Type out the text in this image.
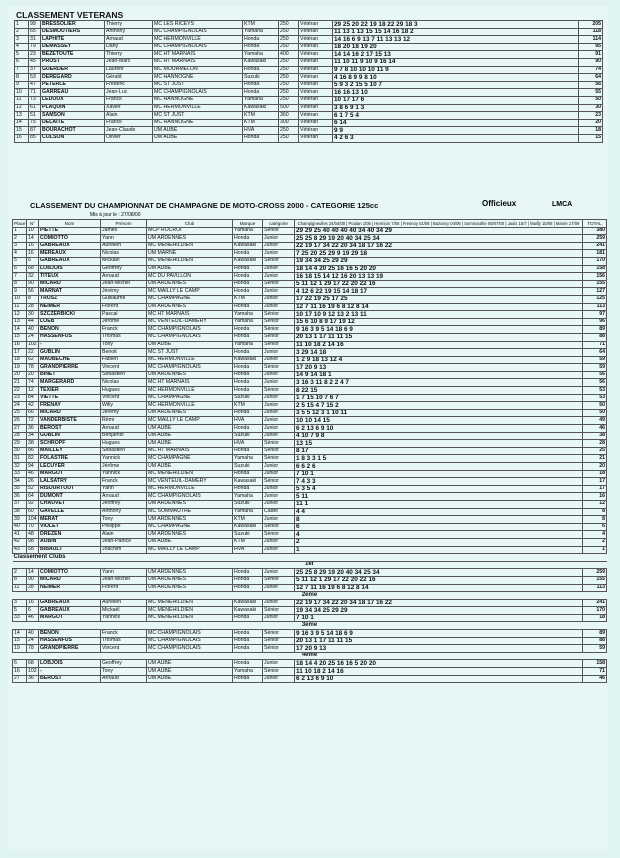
CLASSEMENT VETERANS
1	99	BRESSOLIER	Thierry	MC LES RICEYS	KTM	250	Vétéran	29 25 20 22 19 18 22 29 18 3	205
2	65	DESMOUTIERS	Anthony	MC CHAMPIGNOLAIS	Yamaha	250	Vétéran	11 13 1 13 15 15 14 16 18 2	118
3	31	LAPHITE	Arnaud	MC HERMONVILLE	Honda	250	Vétéran	14 16 6 9 13 7 11 13 13 12	114
4	79	DEMASSEY	Dany	MC CHAMPIGNOLAIS	Honda	250	Vétéran	18 20 18 19 20	95
5	23	BEZETOUTE	Thierry	MC HT MARNAIS	Yamaha	400	Vétéran	14 14 16 2 17 15 13	91
6	45	PROST	Jean-Marc	MC HT MARNAIS	Kawasaki	250	Vétéran	11 10 11 9 10 9 16 14	90
7	37	GUERDER	Laurent	MC MOURMELON	Honda	250	Vétéran	9 7 8 10 10 10 11 9	74
8	53	DEREGARD	Gérald	MC HANNOGNE	Suzuki	250	Vétéran	4 16 8 9 9 8 10	64
9	47	PETERLE	Frédéric	MC ST JUST	Honda	250	Vétéran	5 9 3 2 15 5 10 7	56
10	71	GARREAU	Jean-Luc	MC CHAMPIGNOLAIS	Honda	250	Vétéran	16 16 13 10	55
11	73	LEDOUX	Franck	MC HANNOGNE	Yamaha	250	Vétéran	10 17 17 6	50
12	61	PLAQUIN	Xavier	MC HERMONVILLE	Kawasaki	500	Vétéran	3 8 6 9 1 3	30
13	51	SAMSON	Alain	MC ST JUST	KTM	360	Vétéran	6 1 7 5 4	23
14	75	DELAITE	Franck	MC HANNOGNE	KTM	300	Vétéran	6 14	20
15	87	BOURACHOT	Jean-Claude	UM AUBE	HVA	250	Vétéran	9 9	18
16	85	COLSON	Olivier	UM AUBE	Honda	250	Vétéran	4 2 6 3	15
CLASSEMENT DU CHAMPIONNAT DE CHAMPAGNE DE MOTO-CROSS 2000 - CATEGORIE 125cc	Officieux	LMCA
Mis à jour le : 27/08/00
Place	N°	Nom	Prénom	Club	Marque	catégorie	Champigneulles 24/04/00 | Poulan 1/05 | Hermion 7/05 | Fresnoy 01/06 | Bazancy 04/06 | Sommauthe 08/07/00 | Jaulx 15/7 | Mailly 15/08 | Manre 17/09	TOTAL
1	10	PIETTE	James	MCP ROCROI	Yamaha	Sénior	29 29 25 40 40 40 40 34 40 34 29	380
2	14	COMIOTTO	Yann	UM ARDENNES	Honda	Junior	25 25 8 29 19 20 40 34 25 34	259
3	16	GABREAUX	Aurélien	MC MENEHILDIEN	Kawasaki	Junior	22 19 17 34 22 20 34 18 17 16 22	241
4	16	MEREAUX	Nicolas	UM MARNE	Honda	Junior	7 25 20 25 29 9 19 29 18	181
5	6	GABREAUX	Mickaël	MC MENEHILDIEN	Kawasaki	Sénior	19 34 34 25 29 29	170
6	68	LOBJOIS	Geoffrey	UM AUBE	Honda	Junior	18 14 4 20 25 16 16 5 20 20	158
7	32	TITEUX	Arnaud	MC DU PAVILLON	Honda	Junior	16 18 15 14 12 16 20 13 13 19	156
8	90	MICARD	Jean-Michel	UM ARDENNES	Honda	Sénior	5 11 12 1 29 17 22 20 22 16	155
9	56	MARNAT	Jérémy	MC MAILLY LE CAMP	Honda	Junior	4 12 6 22 19 15 14 18 17	127
10	8	TRUSZ	Guillaume	MC CHAMPAGNE	KTM	Junior	17 22 19 25 17 25	125
11	28	NEIMER	Florent	UM ARDENNES	Honda	Junior	12 7 11 16 19 6 8 12 8 14	113
12	30	SZCZERBICKI	Pascal	MC HT MARNAIS	Yamaha	Sénior	10 17 10 9 12 13 2 13 11	97
13	44	LOEB	Jérôme	MC VENTEUIL-DAMERY	Yamaha	Sénior	15 6 10 8 9 17 19 12	96
14	40	BENON	Franck	MC CHAMPIGNOLAIS	Honda	Sénior	9 16 3 9 5 14 18 6 9	89
15	24	HASSENFUS	Thomas	MC CHAMPIGNOLAIS	Honda	Sénior	20 13 1 17 11 11 15	88
16	102	-	Tony	UM AUBE	Yamaha	Sénior	11 10 18 2 14 16	71
17	22	GUBLIN	Benoit	MC ST JUST	Honda	Junior	3 29 14 18	64
18	62	MAUBECHE	Fabien	MC HERMONVILLE	Kawasaki	Junior	1 2 9 18 13 12 4	59
19	78	GRANDPIERRE	Vincent	MC CHAMPIGNOLAIS	Honda	Sénior	17 20 9 13	59
20	20	BINET	Sébastien	UM ARDENNES	Honda	Junior	14 9 14 18 1	56
21	74	MARGERARD	Nicolas	MC HT MARNAIS	Honda	Junior	3 16 3 11 8 2 2 4 7	56
22	12	TEXIER	Hugues	MC HERMONVILLE	Honda	Sénior	8 22 15	53
23	84	VIETTE	Vincent	MC CHAMPAGNE	Suzuki	Junior	1 7 15 10 7 6 7	53
24	42	FRENAY	Willy	MC HERMONVILLE	KTM	Junior	2 5 15 4 7 15 2	50
25	66	MICARD	Jérémy	UM ARDENNES	Honda	Junior	3 5 5 12 3 1 10 11	50
26	72	VANDERBISTE	Rémi	MC MAILLY LE CAMP	HVA	Junior	10 10 14 15	49
27	36	BEROST	Arnaud	UM AUBE	Honda	Junior	6 2 13 6 9 10	46
28	34	GUBLIN	Benjamin	UM AUBE	Suzuki	Junior	4 10 7 9 8	38
29	38	SCHROPF	Hugues	UM AUBE	HVA	Sénior	13 15	28
30	86	MAILLEY	Sébastien	MC HT MARNAIS	Honda	Sénior	8 17	25
31	82	FOLASTRE	Yannick	MC CHAMPAGNE	Yamaha	Sénior	1 8 3 3 1 5	21
32	94	LECUYER	Jérôme	UM AUBE	Suzuki	Junior	6 6 2 6	20
33	46	MARGOT	Yannick	MC MENEHILDIEN	Honda	Junior	7 10 1	18
34	26	LALSATRY	Franck	MC VENTEUIL-DAMERY	Kawasaki	Sénior	7 4 3 3	17
35	52	RISOURTOUT	Yann	MC HERMONVILLE	Honda	Junior	5 3 5 4	17
36	64	DUMONT	Arnaud	MC CHAMPIGNOLAIS	Yamaha	Junior	5 11	16
37	92	CHAUVET	Jeoffrey	UM ARDENNES	Suzuki	Junior	11 1	12
38	60	GAVELLE	Anthony	MC SOMMAUTHE	Yamaha	Cadet	4 4	8
39	104	MERAT	Tony	UM ARDENNES	KTM	Junior	8	8
40	70	VIOLET	Philippe	MC CHAMPAGNE	Kawasaki	Sénior	6	6
41	48	DREZEN	Alain	UM ARDENNES	Suzuki	Sénior	4	4
42	98	AUBIN	Jean-Patrice	UM AUBE	KTM	Junior	2	2
43	58	BIBAULT	Joachim	MC MAILLY LE CAMP	HVA	Junior	1	1
Classement Clubs								
1er								
2	14	COMIOTTO	Yann	UM ARDENNES	Honda	Junior	25 25 8 29 19 20 40 34 25 34	259
8	90	MICARD	Jean-Michel	UM ARDENNES	Honda	Sénior	5 11 12 1 29 17 22 20 22 16	155
11	28	NEIMER	Florent	UM ARDENNES	Honda	Junior	12 7 11 16 19 6 8 12 8 14	113
2ème								
3	16	GABREAUX	Aurélien	MC MENEHILDIEN	Kawasaki	Junior	22 19 17 34 22 20 34 18 17 16 22	241
5	6	GABREAUX	Mickaël	MC MENEHILDIEN	Kawasaki	Sénior	19 34 34 25 29 29	170
33	46	MARGOT	Yannick	MC MENEHILDIEN	Honda	Junior	7 10 1	18
3ème								
14	40	BENON	Franck	MC CHAMPIGNOLAIS	Honda	Sénior	9 16 3 9 5 14 18 6 9	89
15	24	HASSENFUS	Thomas	MC CHAMPIGNOLAIS	Honda	Sénior	20 13 1 17 11 11 15	88
19	78	GRANDPIERRE	Vincent	MC CHAMPIGNOLAIS	Honda	Sénior	17 20 9 13	59
4ème								
6	68	LOBJOIS	Geoffrey	UM AUBE	Honda	Junior	18 14 4 20 25 16 16 5 20 20	158
16	102	-	Tony	UM AUBE	Yamaha	Sénior	11 10 18 2 14 16	71
27	36	BEROST	Arnaud	UM AUBE	Honda	Junior	6 2 13 6 9 10	46
